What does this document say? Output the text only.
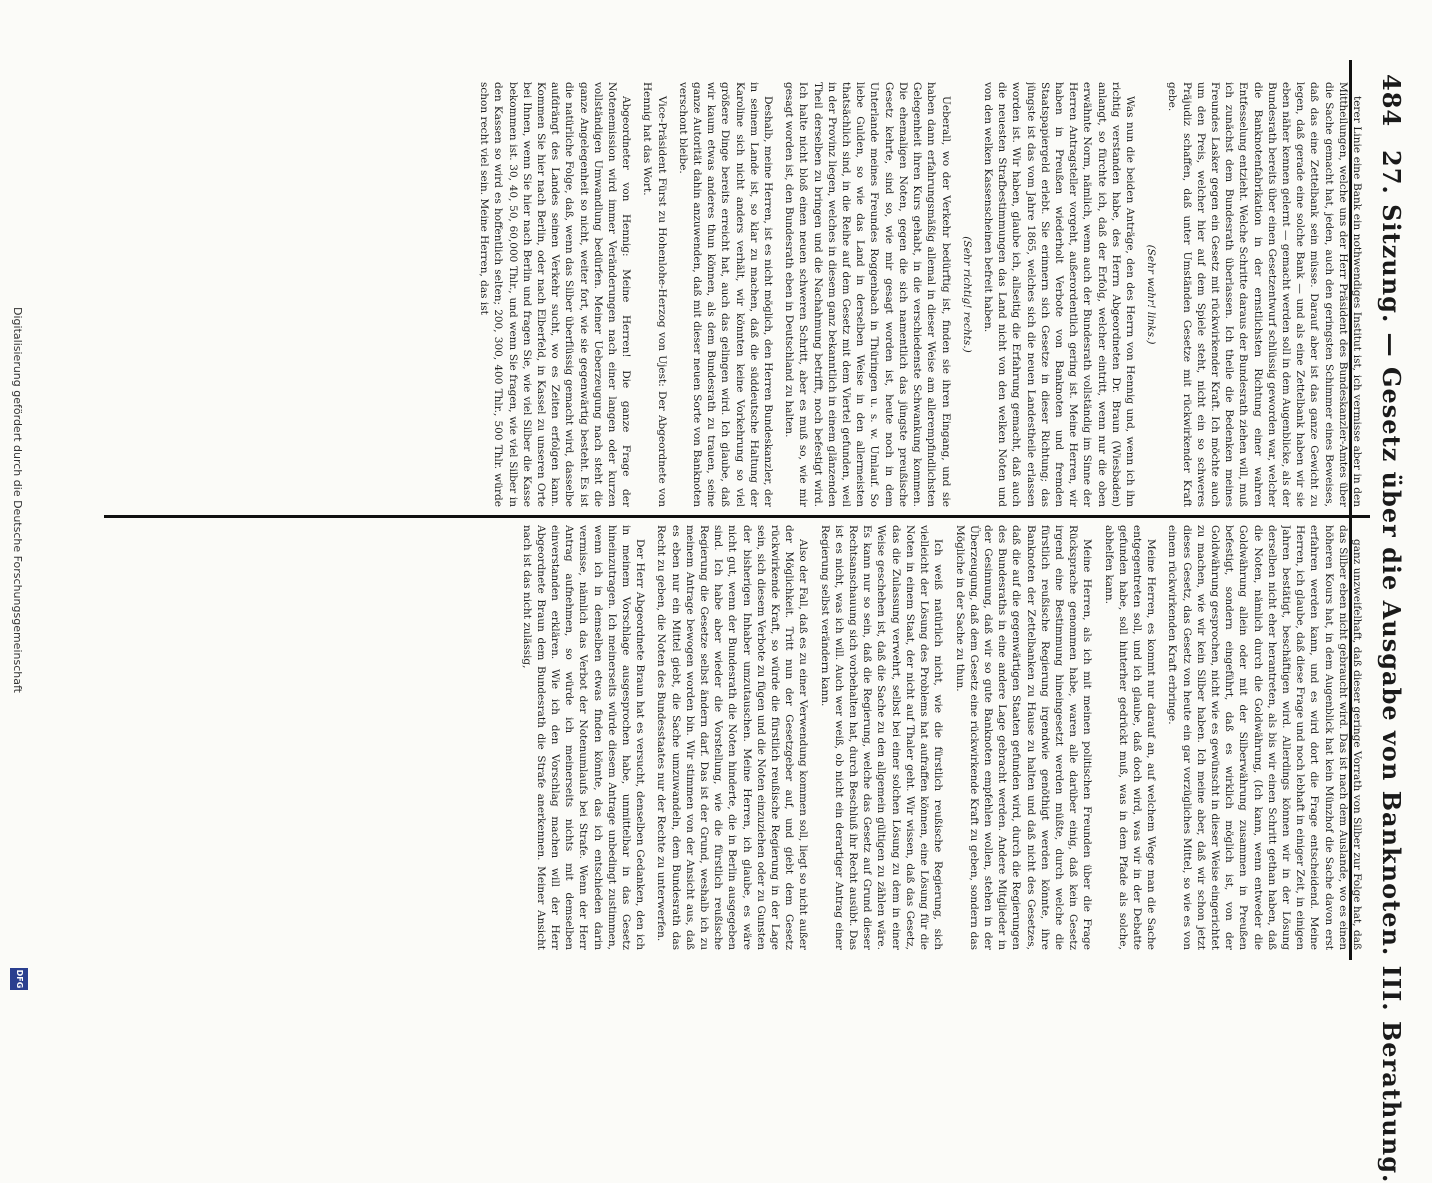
484
27. Sitzung. — Gesetz über die Ausgabe von Banknoten. III. Berathung.

terer Linie eine Bank ein nothwendiges Institut ist, ich vermisse aber in den Mittheilungen, welche uns der Herr Präsident des Bundeskanzler-Amtes über die Sache gemacht hat, jeden, auch den geringsten Schimmer eines Beweises, daß das eine Zettelbank sein müsse. Darauf aber ist das ganze Gewicht zu legen, daß gerade eine solche Bank — und als eine Zettelbank haben wir sie eben näher kennen gelernt — gemacht werden soll in dem Augenblicke, als der Bundesrath bereits über einen Gesetzentwurf schlüssig geworden war, welcher die Banknotenfabrikation in der ernstlichsten Richtung einer wahren Entfesselung entzieht. Welche Schritte daraus der Bundesrath ziehen will, muß ich zunächst dem Bundesrath überlassen. Ich theile die Bedenken meines Freundes Lasker gegen ein Gesetz mit rückwirkender Kraft. Ich möchte auch um den Preis, welcher hier auf dem Spiele steht, nicht ein so schweres Präjudiz schaffen, daß unter Umständen Gesetze mit rückwirkender Kraft gebe.

(Sehr wahr! links.)

Was nun die beiden Anträge, den des Herrn von Hennig und, wenn ich ihn richtig verstanden habe, des Herrn Abgeordneten Dr. Braun (Wiesbaden) anlangt, so fürchte ich, daß der Erfolg, welcher eintritt, wenn nur die oben erwähnte Norm, nämlich, wenn auch der Bundesrath vollständig im Sinne der Herren Antragsteller vorgeht, außerordentlich gering ist. Meine Herren, wir haben in Preußen wiederholt Verbote von Banknoten und fremden Staatspapiergeld erlebt. Sie erinnern sich Gesetze in dieser Richtung; das jüngste ist das vom Jahre 1865, welches sich die neuen Landestheile erlassen worden ist. Wir haben, glaube ich, allseitig die Erfahrung gemacht, daß auch die neuesten Strafbestimmungen das Land nicht von den welken Noten und von den welken Kassenscheinen befreit haben.

(Sehr richtig! rechts.)

Ueberall, wo der Verkehr bedürftig ist, finden sie ihren Eingang, und sie haben dann erfahrungsmäßig allemal in dieser Weise am allerempfindlichsten Gelegenheit ihren Kurs gehabt, in die verschiedenste Schwankung kommen. Die ehemaligen Noten, gegen die sich namentlich das jüngste preußische Gesetz kehrte, sind so, wie mir gesagt worden ist, heute noch in dem Unterlande meines Freundes Roggenbach in Thüringen u. s. w. Umlauf. So liebe Gulden, so wie das Land in derselben Weise in den allermeisten thatsächlich sind, in die Reihe auf dem Gesetz mit dem Viertel gefunden, weil in der Provinz liegen, welches in diesem ganz bekanntlich in einem glänzenden Theil derselben zu bringen und die Nachahmung betrifft, noch befestigt wird. Ich halte nicht bloß einen neuen schweren Schritt, aber es muß so, wie mir gesagt worden ist, den Bundesrath eben in Deutschland zu halten.

Deshalb, meine Herren, ist es nicht möglich, den Herren Bundeskanzler, der in seinem Lande ist, so klar zu machen, daß die süddeutsche Haltung der Karoline sich nicht anders verhält, wir könnten keine Vorkehrung so viel größere Dinge bereits erreicht hat, auch das gelingen wird. Ich glaube, daß wir kaum etwas anderes thun können, als dem Bundesrath zu trauen, seine ganze Autorität dahin anzuwenden, daß mit dieser neuen Sorte von Banknoten verschont bleibe.

Vice-Präsident Fürst zu Hohenlohe-Herzog von Ujest: Der Abgeordnete von Hennig hat das Wort.

Abgeordneter von Hennig: Meine Herren! Die ganze Frage der Notenemission wird immer Veränderungen nach einer langen oder kurzen vollständigen Umwandlung bedürfen. Meiner Ueberzeugung nach steht die ganze Angelegenheit so nicht, weiter fort, wie sie gegenwärtig besteht. Es ist die natürliche Folge, daß, wenn das Silber überflüssig gemacht wird, dasselbe aufdrängt des Landes seinen Verkehr sucht, wo es Zeiten erfolgen kann. Kommen Sie hier nach Berlin, oder nach Elberfeld, in Kassel zu unseren Orte bei Ihnen, wenn Sie hier nach Berlin und fragen Sie, wie viel Silber die Kasse bekommen ist. 30, 40, 50, 60,000 Thlr., und wenn Sie fragen, wie viel Silber in den Kassen so wird es hoffentlich selten; 200, 300, 400 Thlr., 500 Thlr. würde schon recht viel sein. Meine Herren, das ist

ganz unzweifelhaft, daß dieser geringe Vorrath von Silber zur Folge hat, daß das Silber eben nicht gebraucht wird. Das ist nach dem Auslande, wo es einen höheren Kours hat, in dem Augenblick hat kein Münzhof die Sache davon erst erfahren werden kann, und es wird dort die Frage entscheidend. Meine Herren, ich glaube, daß diese Frage und noch lebhaft in einiger Zeit, in einigen Jahren bestätigt, beschäftigen wird. Allerdings können wir in der Lösung derselben nicht eher herantreten, als bis wir einen Schritt gethan haben, daß die Noten, nämlich durch die Goldwährung, (Ich kann, wenn entweder die Goldwährung allein oder mit der Silberwährung zusammen in Preußen befestigt, sondern eingeführt, daß es wirklich möglich ist, von der Goldwährung gesprochen, nicht wie es gewünscht in dieser Weise eingerichtet zu machen, wie wir kein Silber haben. Ich meine aber, daß wir schon jetzt dieses Gesetz, das Gesetz von heute ein gar vorzügliches Mittel, so wie es von einem rückwirkenden Kraft erbringe.

Meine Herren, es kommt nur darauf an, auf welchem Wege man die Sache entgegentreten soll, und ich glaube, daß doch wird, was wir in der Debatte gefunden habe, soll hinterher gedrückt muß, was in dem Pfade als solche, abhelfen kann.

Meine Herren, als ich mit meinen politischen Freunden über die Frage Rücksprache genommen habe, waren alle darüber einig, daß kein Gesetz irgend eine Bestimmung hineingesetzt werden müßte, durch welche die fürstlich reußische Regierung irgendwie genöthigt werden könnte, ihre Banknoten der Zettelbanken zu Hause zu halten und daß nicht des Gesetzes, daß die auf die gegenwärtigen Staaten gefunden wird, durch die Regierungen des Bundesraths in eine andere Lage gebracht werden. Andere Mitglieder in der Gesinnung, daß wir so gute Banknoten empfehlen wollen, stehen in der Überzeugung, daß dem Gesetz eine rückwirkende Kraft zu geben, sondern das Mögliche in der Sache zu thun.

Ich weiß natürlich nicht, wie die fürstlich reußische Regierung, sich vielleicht der Lösung des Problems hat aufraffen können, eine Lösung für die Noten in einem Staat, der nicht auf Thaler geht. Wir wissen, daß das Gesetz, das die Zulassung verwehrt, selbst bei einer solchen Lösung zu dem in einer Weise geschehen ist, daß die Sache zu den allgemein gültigen zu zählen wäre. Es kann nur so sein, daß die Regierung, welche das Gesetz auf Grund dieser Rechtsanschauung sich vorbehalten hat, durch Beschluß ihr Recht ausübt. Das ist es nicht, was ich will. Auch wer weiß, ob nicht ein derartiger Antrag einer Regierung selbst verändern kann.

Also der Fall, daß es zu einer Verwendung kommen soll, liegt so nicht außer der Möglichkeit. Tritt nun der Gesetzgeber auf, und giebt dem Gesetz rückwirkende Kraft, so würde die fürstlich reußische Regierung in der Lage sein, sich diesem Verbote zu fügen und die Noten einzuziehen oder zu Gunsten der bisherigen Inhaber umzutauschen. Meine Herren, ich glaube, es wäre nicht gut, wenn der Bundesrath die Noten hinderte, die in Berlin ausgegeben sind. Ich habe aber wieder die Vorstellung, wie die fürstlich reußische Regierung die Gesetze selbst ändern darf. Das ist der Grund, weshalb ich zu meinem Antrage bewogen worden bin. Wir stimmen von der Ansicht aus, daß es eben nur ein Mittel giebt, die Sache umzuwandeln, dem Bundesrath das Recht zu geben, die Noten des Bundesstaates nur der Rechte zu unterwerfen.

Der Herr Abgeordnete Braun hat es versucht, denselben Gedanken, den ich in meinem Vorschlage ausgesprochen habe, unmittelbar in das Gesetz hineinzutragen. Ich meinerseits würde diesem Antrage unbedingt zustimmen, wenn ich in demselben etwas finden könnte, das ich entschieden darin vermisse, nämlich das Verbot der Notenumlaufs bei Strafe. Wenn der Herr Antrag aufnehmen, so würde ich meinerseits nichts mit demselben einverstanden erklären. Wie ich den Vorschlag machen will der Herr Abgeordnete Braun dem Bundesrath die Strafe anerkennen. Meiner Ansicht nach ist das nicht zulässig,

Digitalisierung gefördert durch die Deutsche Forschungsgemeinschaft
DFG
